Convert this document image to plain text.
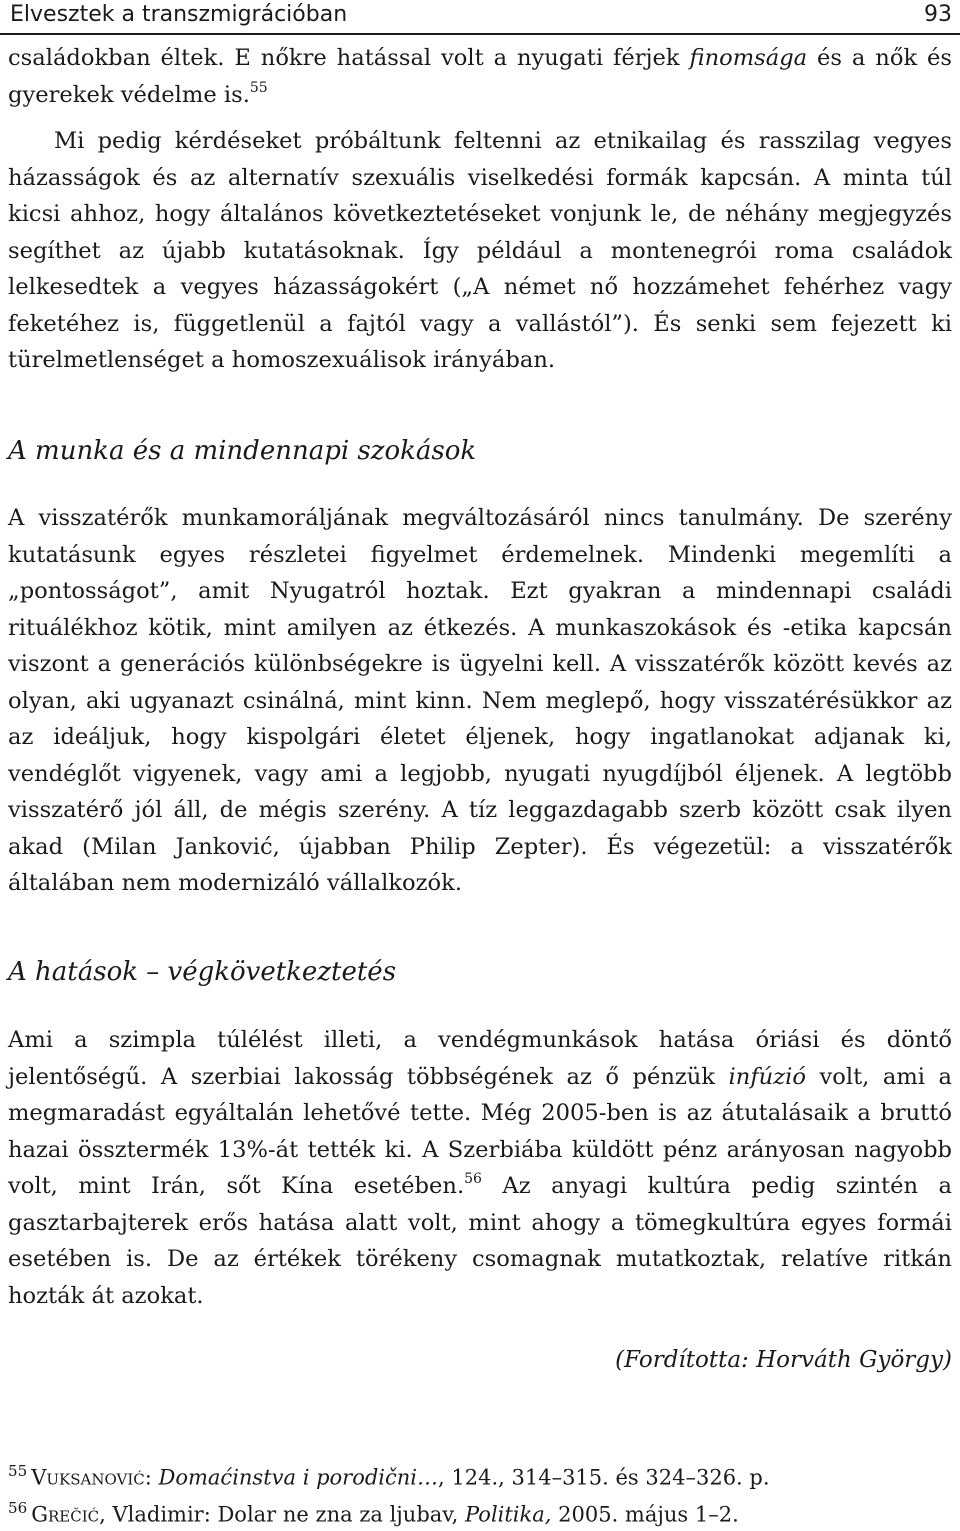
Elvesztek a transzmigrációban	93

családokban éltek. E nőkre hatással volt a nyugati férjek finomsága és a nők és gyerekek védelme is.$^{55}$

Mi pedig kérdéseket próbáltunk feltenni az etnikailag és rasszilag vegyes házasságok és az alternatív szexuális viselkedési formák kapcsán. A minta túl kicsi ahhoz, hogy általános következtetéseket vonjunk le, de néhány megjegyzés segíthet az újabb kutatásoknak. Így például a montenegrói roma családok lelkesedtek a vegyes házasságokért („A német nő hozzámehet fehérhez vagy feketéhez is, függetlenül a fajtól vagy a vallástól”). És senki sem fejezett ki türelmetlenséget a homoszexuálisok irányában.

A munka és a mindennapi szokások

A visszatérők munkamoráljának megváltozásáról nincs tanulmány. De szerény kutatásunk egyes részletei figyelmet érdemelnek. Mindenki megemlíti a „pontosságot”, amit Nyugatról hoztak. Ezt gyakran a mindennapi családi rituálékhoz kötik, mint amilyen az étkezés. A munkaszokások és -etika kapcsán viszont a generációs különbségekre is ügyelni kell. A visszatérők között kevés az olyan, aki ugyanazt csinálná, mint kinn. Nem meglepő, hogy visszatérésükkor az az ideáljuk, hogy kispolgári életet éljenek, hogy ingatlanokat adjanak ki, vendéglőt vigyenek, vagy ami a legjobb, nyugati nyugdíjból éljenek. A legtöbb visszatérő jól áll, de mégis szerény. A tíz leggazdagabb szerb között csak ilyen akad (Milan Janković, újabban Philip Zepter). És végezetül: a visszatérők általában nem modernizáló vállalkozók.

A hatások – végkövetkeztetés

Ami a szimpla túlélést illeti, a vendégmunkások hatása óriási és döntő jelentőségű. A szerbiai lakosság többségének az ő pénzük infúzió volt, ami a megmaradást egyáltalán lehetővé tette. Még 2005-ben is az átutalásaik a bruttó hazai össztermék 13%-át tették ki. A Szerbiába küldött pénz arányosan nagyobb volt, mint Irán, sőt Kína esetében.$^{56}$ Az anyagi kultúra pedig szintén a gasztarbajterek erős hatása alatt volt, mint ahogy a tömegkultúra egyes formái esetében is. De az értékek törékeny csomagnak mutatkoztak, relatíve ritkán hozták át azokat.

(Fordította: Horváth György)
$^{55}$ Vuksanović: Domaćinstva i porodični…, 124., 314–315. és 324–326. p.
$^{56}$ Grečić, Vladimir: Dolar ne zna za ljubav, Politika, 2005. május 1–2.
